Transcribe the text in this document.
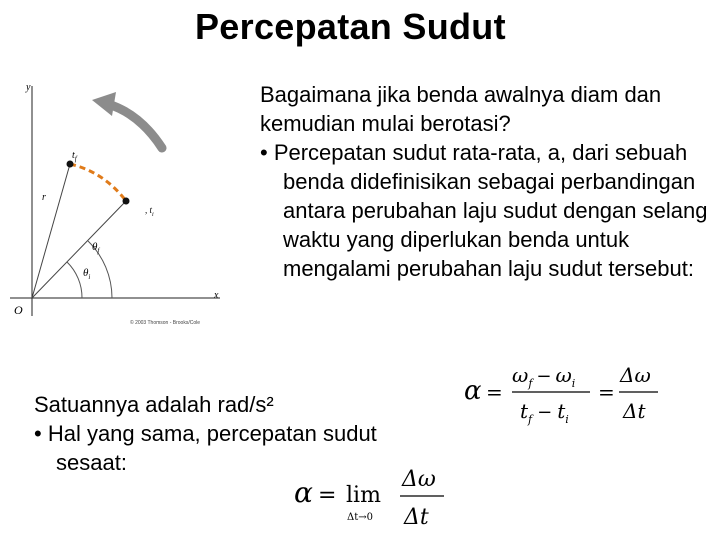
Percepatan Sudut
y
x
O
$t_f$
, $t_i$
r
$\theta_f$
$\theta_i$
© 2003 Thomson - Brooks/Cole

Bagaimana jika benda awalnya diam dan kemudian mulai berotasi?

• Percepatan sudut rata-rata, a, dari sebuah benda didefinisikan sebagai perbandingan antara perubahan laju sudut dengan selang waktu yang diperlukan benda untuk mengalami perubahan laju sudut tersebut:

α =
$\omega_f - \omega_i$
$t_f - t_i$
=
Δω
Δt

Satuannya adalah rad/s²

• Hal yang sama, percepatan sudut sesaat:

α = lim
Δt→0
Δω
Δt
